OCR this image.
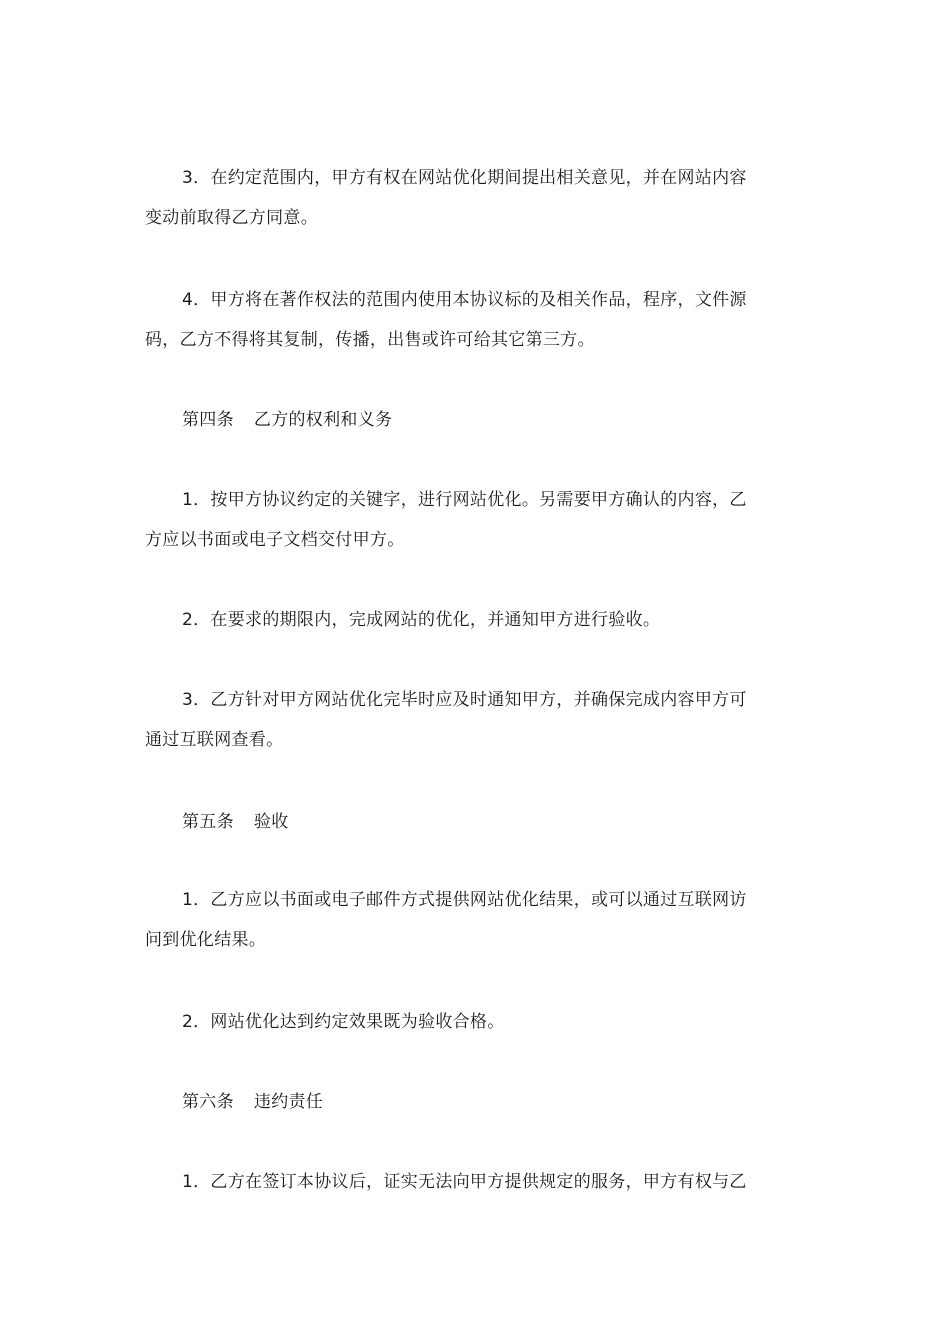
3．在约定范围内，甲方有权在网站优化期间提出相关意见，并在网站内容
变动前取得乙方同意。

4．甲方将在著作权法的范围内使用本协议标的及相关作品，程序，文件源
码，乙方不得将其复制，传播，出售或许可给其它第三方。

第四条 乙方的权利和义务

1．按甲方协议约定的关键字，进行网站优化。另需要甲方确认的内容，乙
方应以书面或电子文档交付甲方。

2．在要求的期限内，完成网站的优化，并通知甲方进行验收。

3．乙方针对甲方网站优化完毕时应及时通知甲方，并确保完成内容甲方可
通过互联网查看。

第五条 验收

1．乙方应以书面或电子邮件方式提供网站优化结果，或可以通过互联网访
问到优化结果。

2．网站优化达到约定效果既为验收合格。

第六条 违约责任

1．乙方在签订本协议后，证实无法向甲方提供规定的服务，甲方有权与乙
